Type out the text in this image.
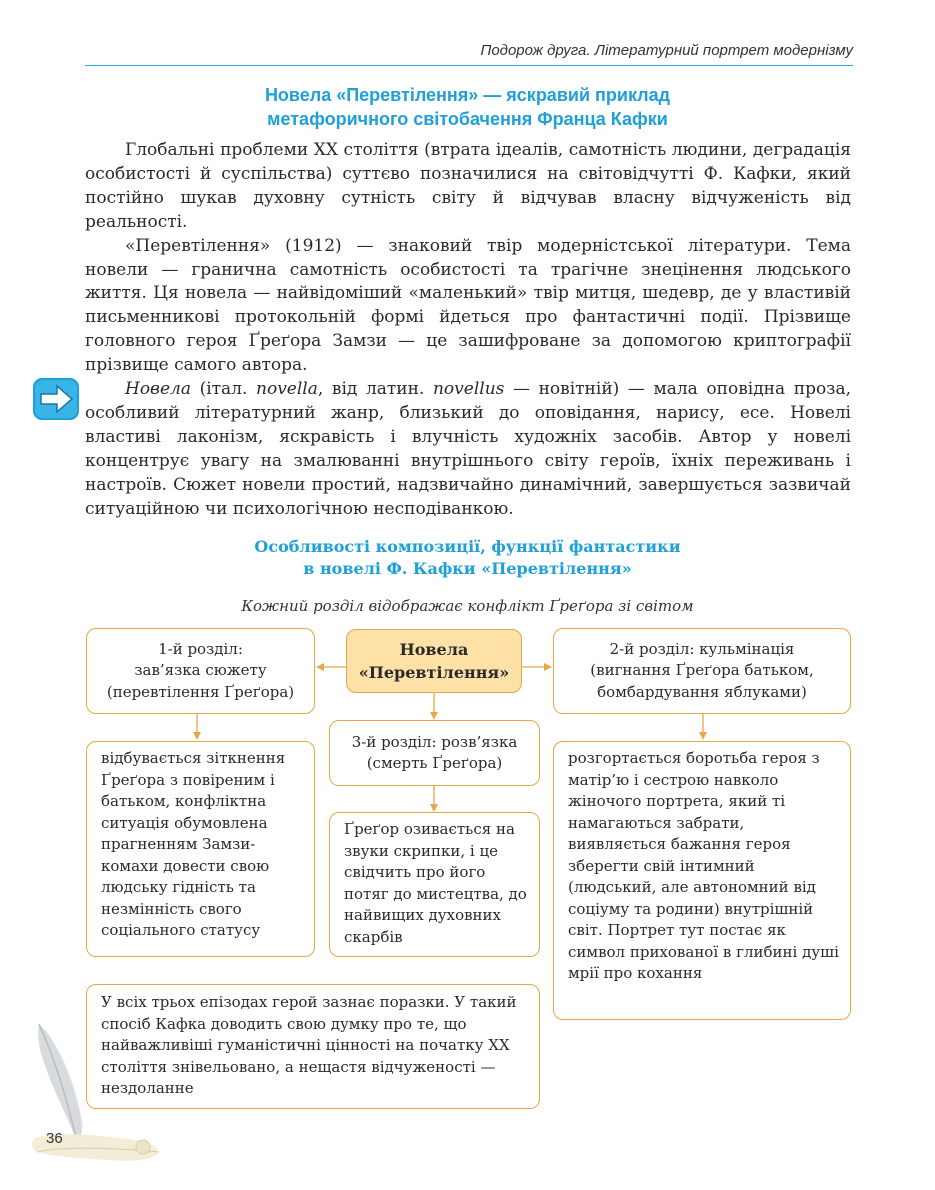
Подорож друга. Літературний портрет модернізму
Новела «Перевтілення» — яскравий приклад
метафоричного світобачення Франца Кафки

Глобальні проблеми ХХ століття (втрата ідеалів, самотність людини, деградація особистості й суспільства) суттєво позначилися на світовідчутті Ф. Кафки, який постійно шукав духовну сутність світу й відчував власну відчуженість від реальності.

«Перевтілення» (1912) — знаковий твір модерністської літератури. Тема новели — гранична самотність особистості та трагічне знецінення людського життя. Ця новела — найвідоміший «маленький» твір митця, шедевр, де у властивій письменникові протокольній формі йдеться про фантастичні події. Прізвище головного героя Ґреґора Замзи — це зашифроване за допомогою криптографії прізвище самого автора.

Новела (італ. novella, від латин. novellus — новітній) — мала оповідна проза, особливий літературний жанр, близький до оповідання, нарису, есе. Новелі властиві лаконізм, яскравість і влучність художніх засобів. Автор у новелі концентрує увагу на змалюванні внутрішнього світу героїв, їхніх переживань і настроїв. Сюжет новели простий, надзвичайно динамічний, завершується зазвичай ситуаційною чи психологічною несподіванкою.

Особливості композиції, функції фантастики
в новелі Ф. Кафки «Перевтілення»
Кожний розділ відображає конфлікт Ґреґора зі світом
Новела
«Перевтілення»
1-й розділ:
зав’язка сюжету
(перевтілення Ґреґора)
2-й розділ: кульмінація
(вигнання Ґреґора батьком,
бомбардування яблуками)
3-й розділ: розв’язка
(смерть Ґреґора)
відбувається зіткнення Ґреґора з повіреним і батьком, конфліктна ситуація обумовлена прагненням Замзи-комахи довести свою людську гідність та незмінність свого соціального статусу
Ґреґор озивається на звуки скрипки, і це свідчить про його потяг до мистецтва, до найвищих духовних скарбів
розгортається боротьба героя з матір’ю і сестрою навколо жіночого портрета, який ті намагаються забрати, виявляється бажання героя зберегти свій інтимний (людський, але автономний від соціуму та родини) внутрішній світ. Портрет тут постає як символ прихованої в глибині душі мрії про кохання
У всіх трьох епізодах герой зазнає поразки. У такий спосіб Кафка доводить свою думку про те, що найважливіші гуманістичні цінності на початку ХХ століття знівельовано, а нещастя відчуженості — нездоланне
36
